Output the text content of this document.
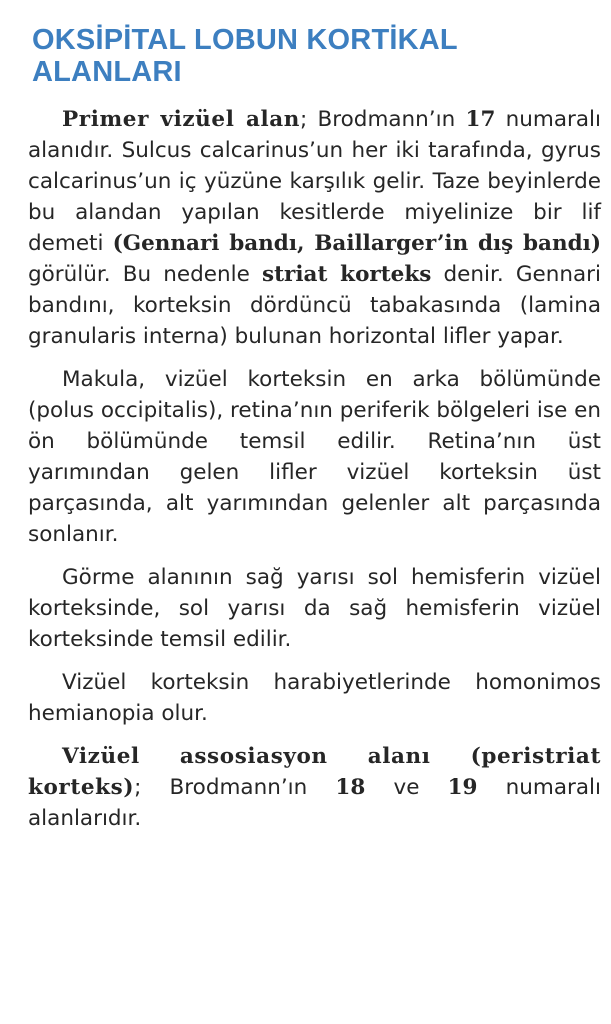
OKSİPİTAL LOBUN KORTİKAL
ALANLARI

Primer vizüel alan; Brodmann’ın 17 numaralı alanıdır. Sulcus calcarinus’un her iki tarafında, gyrus calcarinus’un iç yüzüne karşılık gelir. Taze beyinlerde bu alandan yapılan kesitlerde miyelinize bir lif demeti (Gennari bandı, Baillarger’in dış bandı) görülür. Bu nedenle striat korteks denir. Gennari bandını, korteksin dördüncü tabakasında (lamina granularis interna) bulunan horizontal lifler yapar.

Makula, vizüel korteksin en arka bölümünde (polus occipitalis), retina’nın periferik bölgeleri ise en ön bölümünde temsil edilir. Retina’nın üst yarımından gelen lifler vizüel korteksin üst parçasında, alt yarımından gelenler alt parçasında sonlanır.

Görme alanının sağ yarısı sol hemisferin vizüel korteksinde, sol yarısı da sağ hemisferin vizüel korteksinde temsil edilir.

Vizüel korteksin harabiyetlerinde homonimos hemianopia olur.

Vizüel assosiasyon alanı (peristriat korteks); Brodmann’ın 18 ve 19 numaralı alanlarıdır.
